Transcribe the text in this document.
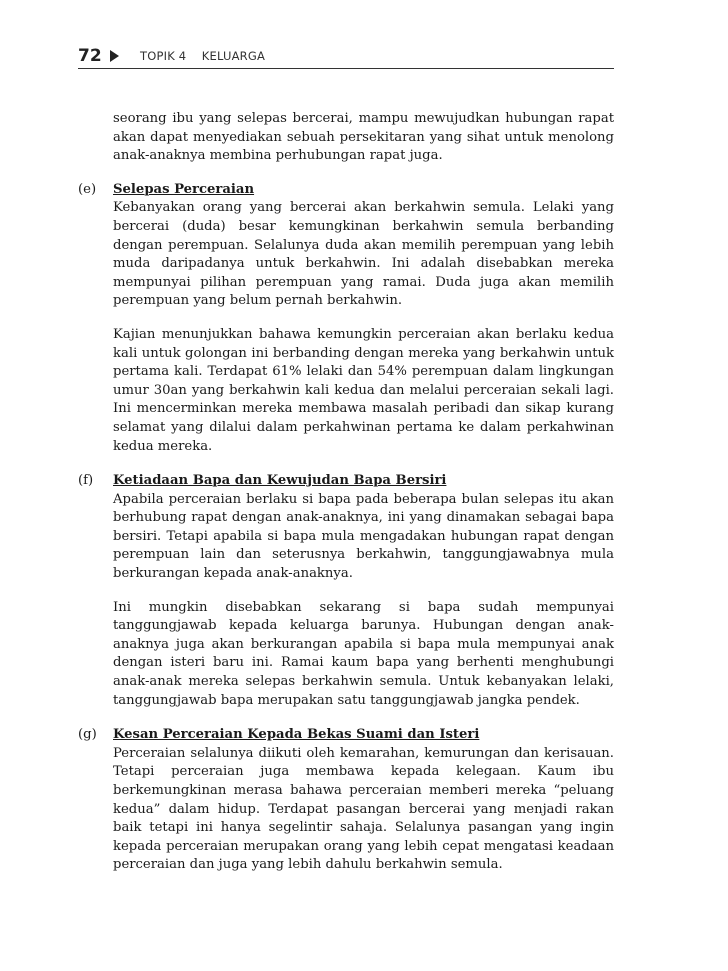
72	TOPIK 4    KELUARGA
seorang ibu yang selepas bercerai, mampu mewujudkan hubungan rapat akan dapat menyediakan sebuah persekitaran yang sihat untuk menolong anak-anaknya membina perhubungan rapat juga.
(e) Selepas Perceraian
Kebanyakan orang yang bercerai akan berkahwin semula. Lelaki yang bercerai (duda) besar kemungkinan berkahwin semula berbanding dengan perempuan. Selalunya duda akan memilih perempuan yang lebih muda daripadanya untuk berkahwin. Ini adalah disebabkan mereka mempunyai pilihan perempuan yang ramai. Duda juga akan memilih perempuan yang belum pernah berkahwin.
Kajian menunjukkan bahawa kemungkin perceraian akan berlaku kedua kali untuk golongan ini berbanding dengan mereka yang berkahwin untuk pertama kali. Terdapat 61% lelaki dan 54% perempuan dalam lingkungan umur 30an yang berkahwin kali kedua dan melalui perceraian sekali lagi. Ini mencerminkan mereka membawa masalah peribadi dan sikap kurang selamat yang dilalui dalam perkahwinan pertama ke dalam perkahwinan kedua mereka.
(f) Ketiadaan Bapa dan Kewujudan Bapa Bersiri
Apabila perceraian berlaku si bapa pada beberapa bulan selepas itu akan berhubung rapat dengan anak-anaknya, ini yang dinamakan sebagai bapa bersiri. Tetapi apabila si bapa mula mengadakan hubungan rapat dengan perempuan lain dan seterusnya berkahwin, tanggungjawabnya mula berkurangan kepada anak-anaknya.
Ini mungkin disebabkan sekarang si bapa sudah mempunyai tanggungjawab kepada keluarga barunya. Hubungan dengan anak-anaknya juga akan berkurangan apabila si bapa mula mempunyai anak dengan isteri baru ini. Ramai kaum bapa yang berhenti menghubungi anak-anak mereka selepas berkahwin semula. Untuk kebanyakan lelaki, tanggungjawab bapa merupakan satu tanggungjawab jangka pendek.
(g) Kesan Perceraian Kepada Bekas Suami dan Isteri
Perceraian selalunya diikuti oleh kemarahan, kemurungan dan kerisauan. Tetapi perceraian juga membawa kepada kelegaan. Kaum ibu berkemungkinan merasa bahawa perceraian memberi mereka “peluang kedua” dalam hidup. Terdapat pasangan bercerai yang menjadi rakan baik tetapi ini hanya segelintir sahaja. Selalunya pasangan yang ingin kepada perceraian merupakan orang yang lebih cepat mengatasi keadaan perceraian dan juga yang lebih dahulu berkahwin semula.
